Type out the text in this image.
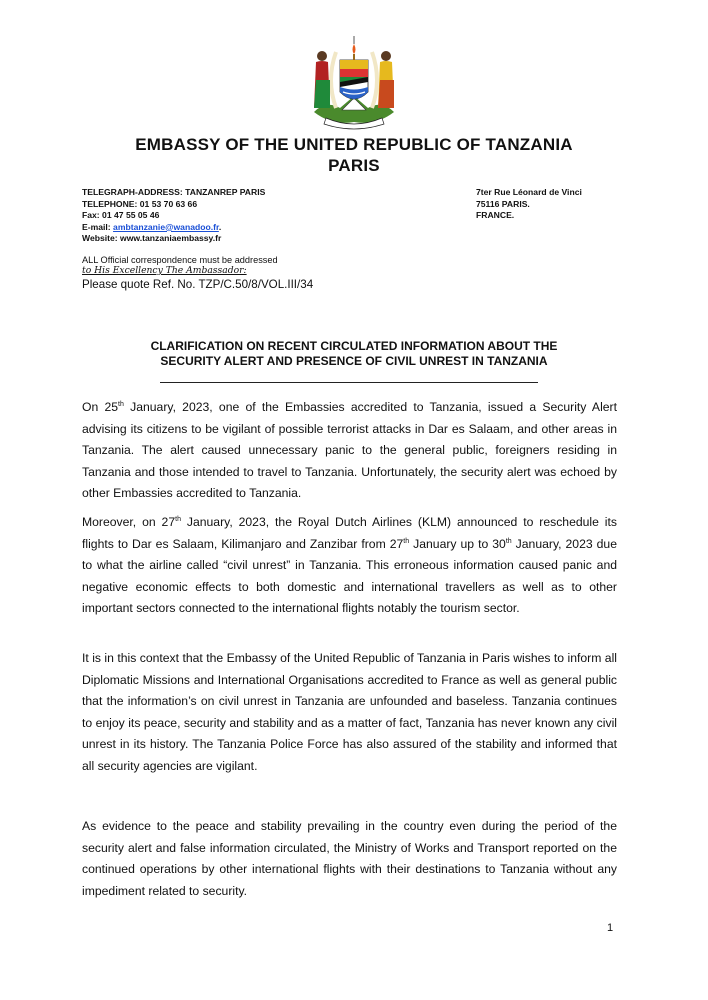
EMBASSY OF THE UNITED REPUBLIC OF TANZANIA
PARIS
TELEGRAPH-ADDRESS: TANZANREP PARIS
TELEPHONE: 01 53 70 63 66
Fax: 01 47 55 05 46
E-mail: ambtanzanie@wanadoo.fr.
Website: www.tanzaniaembassy.fr
7ter Rue Léonard de Vinci
75116 PARIS.
FRANCE.
ALL Official correspondence must be addressed
to His Excellency The Ambassador:
Please quote Ref. No. TZP/C.50/8/VOL.III/34
CLARIFICATION ON RECENT CIRCULATED INFORMATION ABOUT THE
SECURITY ALERT AND PRESENCE OF CIVIL UNREST IN TANZANIA
On 25th January, 2023, one of the Embassies accredited to Tanzania, issued a Security Alert advising its citizens to be vigilant of possible terrorist attacks in Dar es Salaam, and other areas in Tanzania. The alert caused unnecessary panic to the general public, foreigners residing in Tanzania and those intended to travel to Tanzania. Unfortunately, the security alert was echoed by other Embassies accredited to Tanzania.
Moreover, on 27th January, 2023, the Royal Dutch Airlines (KLM) announced to reschedule its flights to Dar es Salaam, Kilimanjaro and Zanzibar from 27th January up to 30th January, 2023 due to what the airline called “civil unrest” in Tanzania. This erroneous information caused panic and negative economic effects to both domestic and international travellers as well as to other important sectors connected to the international flights notably the tourism sector.
It is in this context that the Embassy of the United Republic of Tanzania in Paris wishes to inform all Diplomatic Missions and International Organisations accredited to France as well as general public that the information’s on civil unrest in Tanzania are unfounded and baseless. Tanzania continues to enjoy its peace, security and stability and as a matter of fact, Tanzania has never known any civil unrest in its history. The Tanzania Police Force has also assured of the stability and informed that all security agencies are vigilant.
As evidence to the peace and stability prevailing in the country even during the period of the security alert and false information circulated, the Ministry of Works and Transport reported on the continued operations by other international flights with their destinations to Tanzania without any impediment related to security.
1
